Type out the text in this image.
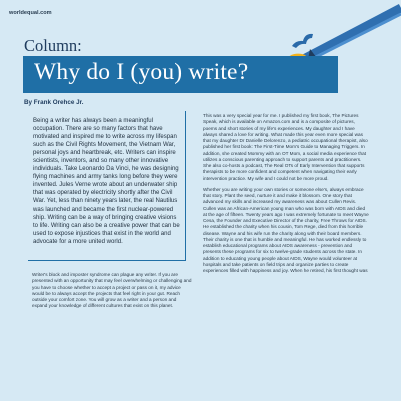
worldequal.com
Column:
Why do I (you) write?
By Frank Orehce Jr.

Being a writer has always been a meaningful occupation. There are so many factors that have motivated and inspired me to write across my lifespan such as the Civil Rights Movement, the Vietnam War, personal joys and heartbreak, etc. Writers can inspire scientists, inventors, and so many other innovative individuals. Take Leonardo Da Vinci, he was designing flying machines and army tanks long before they were invented. Jules Verne wrote about an underwater ship that was operated by electricity shortly after the Civil War. Yet, less than ninety years later, the real Nautilus was launched and became the first nuclear-powered ship. Writing can be a way of bringing creative visions to life. Writing can also be a creative power that can be used to expose injustices that exist in the world and advocate for a more united world.

Writer's block and imposter syndrome can plague any writer. If you are presented with an opportunity that may feel overwhelming or challenging and you have to choose whether to accept a project or pass on it, my advice would be to always accept the projects that feel right in your gut. Reach outside your comfort zone. You will grow as a writer and a person and expand your knowledge of different cultures that exist on this planet.

This was a very special year for me. I published my first book, The Pictures Speak, which is available on Amazon.com and is a composite of pictures, poems and short stories of my life's experiences. My daughter and I have always shared a love for writing. What made this year even more special was that my daughter Dr Danielle Delorenzo, a pediatric occupational therapist, also published her first book: The First-Time Mom's Guide to Managing Triggers. In addition, she created Mommy with an OT Mom, a social media experience that utilizes a conscious parenting approach to support parents and practitioners. She also co-hosts a podcast, The Real OTs of Early Intervention that supports therapists to be more confident and competent when navigating their early intervention practice. My wife and I could not be more proud.

Whether you are writing your own stories or someone else's, always embrace that story. Plant the seed, nurture it and make it blossom. One story that advanced my skills and increased my awareness was about Cullen Revis. Cullen was an African-American young man who was born with AIDS and died at the age of fifteen. Twenty years ago I was extremely fortunate to meet Wayne Cesa, the Founder and Executive Director of the charity, Free Throws for AIDS. He established the charity when his cousin, Tom Rege, died from this horrible disease. Wayne and his wife run the charity along with their board members. Their charity is one that is humble and meaningful. He has worked endlessly to establish educational programs about AIDS awareness - prevention and presents these programs for six to twelve-grade students across the state. In addition to educating young people about AIDS, Wayne would volunteer at hospitals and take patients on field trips and organize parties to create experiences filled with happiness and joy. When he retired, his first thought was
